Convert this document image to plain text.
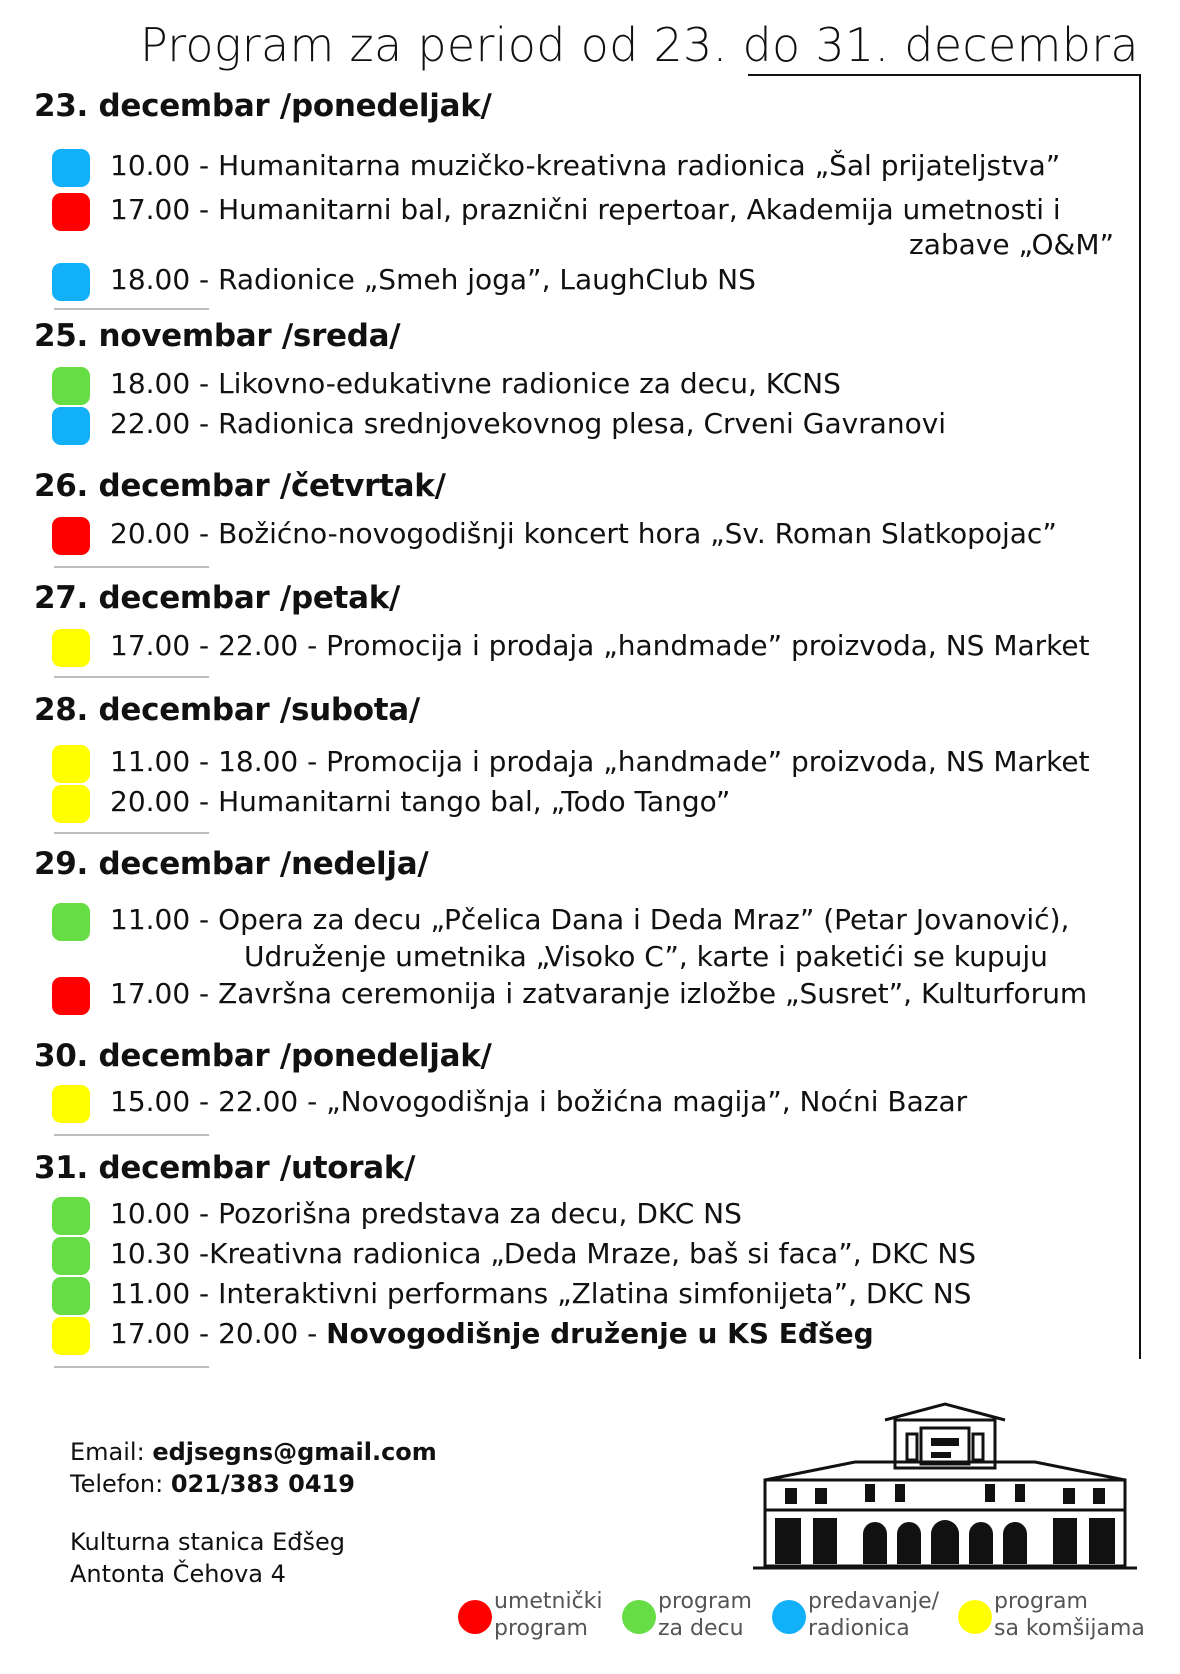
Program za period od 23. do 31. decembra
23. decembar /ponedeljak/
10.00 - Humanitarna muzičko-kreativna radionica „Šal prijateljstva”
17.00 - Humanitarni bal, praznični repertoar, Akademija umetnosti i
zabave „O&M”
18.00 - Radionice „Smeh joga”, LaughClub NS
25. novembar /sreda/
18.00 - Likovno-edukativne radionice za decu, KCNS
22.00 - Radionica srednjovekovnog plesa, Crveni Gavranovi
26. decembar /četvrtak/
20.00 - Božićno-novogodišnji koncert hora „Sv. Roman Slatkopojac”
27. decembar /petak/
17.00 - 22.00 - Promocija i prodaja „handmade” proizvoda, NS Market
28. decembar /subota/
11.00 - 18.00 - Promocija i prodaja „handmade” proizvoda, NS Market
20.00 - Humanitarni tango bal, „Todo Tango”
29. decembar /nedelja/
11.00 - Opera za decu „Pčelica Dana i Deda Mraz” (Petar Jovanović),
Udruženje umetnika „Visoko C”, karte i paketići se kupuju
17.00 - Završna ceremonija i zatvaranje izložbe „Susret”, Kulturforum
30. decembar /ponedeljak/
15.00 - 22.00 - „Novogodišnja i božićna magija”, Noćni Bazar
31. decembar /utorak/
10.00 - Pozorišna predstava za decu, DKC NS
10.30 -Kreativna radionica „Deda Mraze, baš si faca”, DKC NS
11.00 - Interaktivni performans „Zlatina simfonijeta”, DKC NS
17.00 - 20.00 - Novogodišnje druženje u KS Eđšeg
Email: edjsegns@gmail.com
Telefon: 021/383 0419
Kulturna stanica Eđšeg
Antonta Čehova 4
umetnički
program
program
za decu
predavanje/
radionica
program
sa komšijama
